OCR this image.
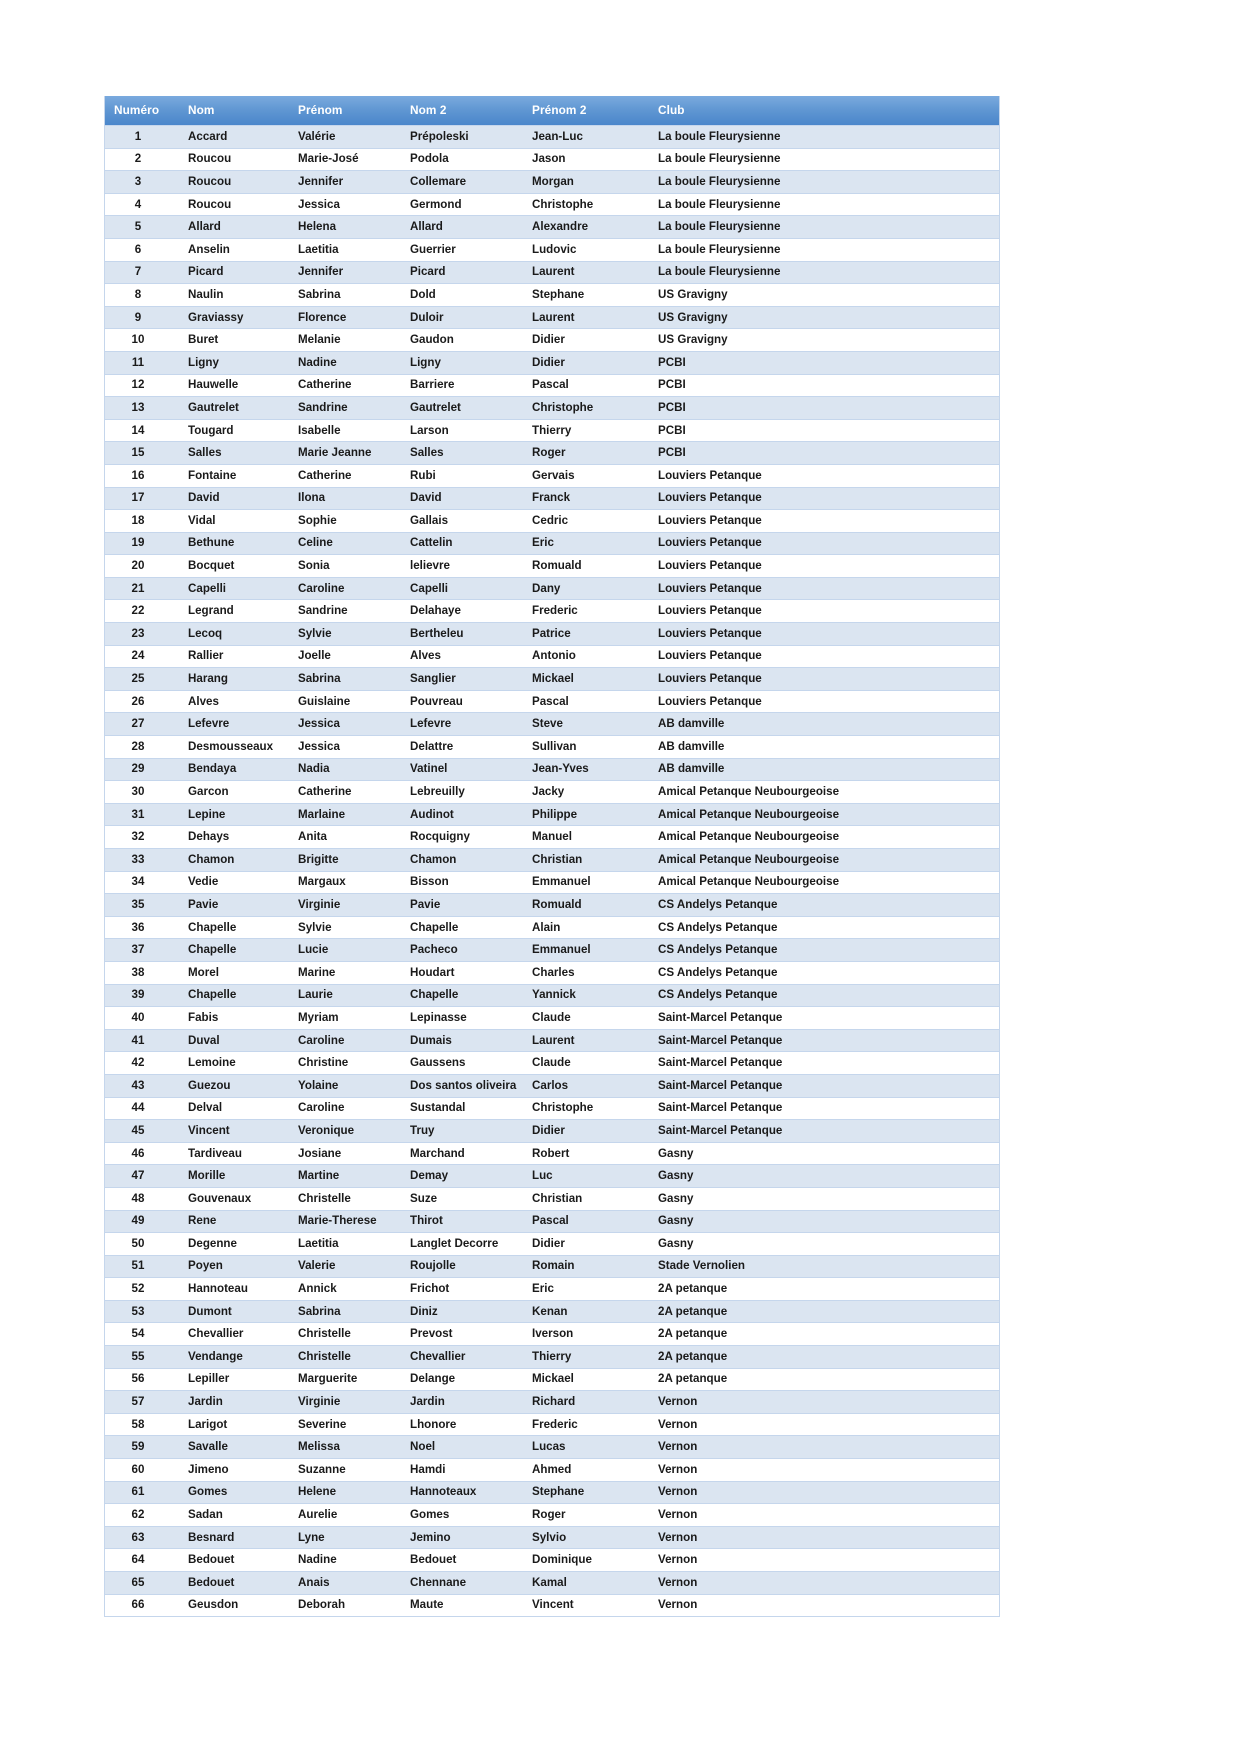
Numéro	Nom	Prénom	Nom 2	Prénom 2	Club
1	Accard	Valérie	Prépoleski	Jean-Luc	La boule Fleurysienne
2	Roucou	Marie-José	Podola	Jason	La boule Fleurysienne
3	Roucou	Jennifer	Collemare	Morgan	La boule Fleurysienne
4	Roucou	Jessica	Germond	Christophe	La boule Fleurysienne
5	Allard	Helena	Allard	Alexandre	La boule Fleurysienne
6	Anselin	Laetitia	Guerrier	Ludovic	La boule Fleurysienne
7	Picard	Jennifer	Picard	Laurent	La boule Fleurysienne
8	Naulin	Sabrina	Dold	Stephane	US Gravigny
9	Graviassy	Florence	Duloir	Laurent	US Gravigny
10	Buret	Melanie	Gaudon	Didier	US Gravigny
11	Ligny	Nadine	Ligny	Didier	PCBI
12	Hauwelle	Catherine	Barriere	Pascal	PCBI
13	Gautrelet	Sandrine	Gautrelet	Christophe	PCBI
14	Tougard	Isabelle	Larson	Thierry	PCBI
15	Salles	Marie Jeanne	Salles	Roger	PCBI
16	Fontaine	Catherine	Rubi	Gervais	Louviers Petanque
17	David	Ilona	David	Franck	Louviers Petanque
18	Vidal	Sophie	Gallais	Cedric	Louviers Petanque
19	Bethune	Celine	Cattelin	Eric	Louviers Petanque
20	Bocquet	Sonia	lelievre	Romuald	Louviers Petanque
21	Capelli	Caroline	Capelli	Dany	Louviers Petanque
22	Legrand	Sandrine	Delahaye	Frederic	Louviers Petanque
23	Lecoq	Sylvie	Bertheleu	Patrice	Louviers Petanque
24	Rallier	Joelle	Alves	Antonio	Louviers Petanque
25	Harang	Sabrina	Sanglier	Mickael	Louviers Petanque
26	Alves	Guislaine	Pouvreau	Pascal	Louviers Petanque
27	Lefevre	Jessica	Lefevre	Steve	AB damville
28	Desmousseaux	Jessica	Delattre	Sullivan	AB damville
29	Bendaya	Nadia	Vatinel	Jean-Yves	AB damville
30	Garcon	Catherine	Lebreuilly	Jacky	Amical Petanque Neubourgeoise
31	Lepine	Marlaine	Audinot	Philippe	Amical Petanque Neubourgeoise
32	Dehays	Anita	Rocquigny	Manuel	Amical Petanque Neubourgeoise
33	Chamon	Brigitte	Chamon	Christian	Amical Petanque Neubourgeoise
34	Vedie	Margaux	Bisson	Emmanuel	Amical Petanque Neubourgeoise
35	Pavie	Virginie	Pavie	Romuald	CS Andelys Petanque
36	Chapelle	Sylvie	Chapelle	Alain	CS Andelys Petanque
37	Chapelle	Lucie	Pacheco	Emmanuel	CS Andelys Petanque
38	Morel	Marine	Houdart	Charles	CS Andelys Petanque
39	Chapelle	Laurie	Chapelle	Yannick	CS Andelys Petanque
40	Fabis	Myriam	Lepinasse	Claude	Saint-Marcel Petanque
41	Duval	Caroline	Dumais	Laurent	Saint-Marcel Petanque
42	Lemoine	Christine	Gaussens	Claude	Saint-Marcel Petanque
43	Guezou	Yolaine	Dos santos oliveira	Carlos	Saint-Marcel Petanque
44	Delval	Caroline	Sustandal	Christophe	Saint-Marcel Petanque
45	Vincent	Veronique	Truy	Didier	Saint-Marcel Petanque
46	Tardiveau	Josiane	Marchand	Robert	Gasny
47	Morille	Martine	Demay	Luc	Gasny
48	Gouvenaux	Christelle	Suze	Christian	Gasny
49	Rene	Marie-Therese	Thirot	Pascal	Gasny
50	Degenne	Laetitia	Langlet Decorre	Didier	Gasny
51	Poyen	Valerie	Roujolle	Romain	Stade Vernolien
52	Hannoteau	Annick	Frichot	Eric	2A petanque
53	Dumont	Sabrina	Diniz	Kenan	2A petanque
54	Chevallier	Christelle	Prevost	Iverson	2A petanque
55	Vendange	Christelle	Chevallier	Thierry	2A petanque
56	Lepiller	Marguerite	Delange	Mickael	2A petanque
57	Jardin	Virginie	Jardin	Richard	Vernon
58	Larigot	Severine	Lhonore	Frederic	Vernon
59	Savalle	Melissa	Noel	Lucas	Vernon
60	Jimeno	Suzanne	Hamdi	Ahmed	Vernon
61	Gomes	Helene	Hannoteaux	Stephane	Vernon
62	Sadan	Aurelie	Gomes	Roger	Vernon
63	Besnard	Lyne	Jemino	Sylvio	Vernon
64	Bedouet	Nadine	Bedouet	Dominique	Vernon
65	Bedouet	Anais	Chennane	Kamal	Vernon
66	Geusdon	Deborah	Maute	Vincent	Vernon
